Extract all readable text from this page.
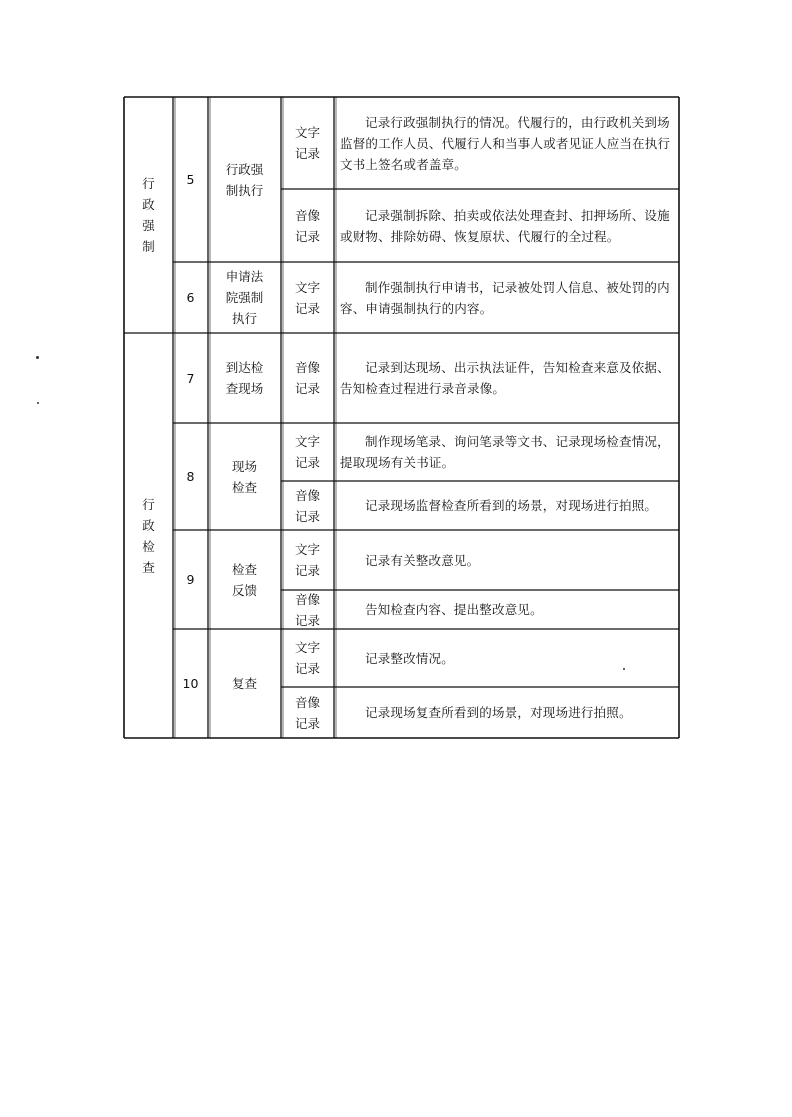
行
政
强
制
5
行政强
制执行
文字
记录
记录行政强制执行的情况。代履行的，由行政机关到场监督的工作人员、代履行人和当事人或者见证人应当在执行文书上签名或者盖章。
音像
记录
记录强制拆除、拍卖或依法处理查封、扣押场所、设施或财物、排除妨碍、恢复原状、代履行的全过程。
6
申请法
院强制
执行
文字
记录
制作强制执行申请书，记录被处罚人信息、被处罚的内容、申请强制执行的内容。
行
政
检
查
7
到达检
查现场
音像
记录
记录到达现场、出示执法证件，告知检查来意及依据、告知检查过程进行录音录像。
8
现场
检查
文字
记录
制作现场笔录、询问笔录等文书、记录现场检查情况，提取现场有关书证。
音像
记录
记录现场监督检查所看到的场景，对现场进行拍照。
9
检查
反馈
文字
记录
记录有关整改意见。
音像
记录
告知检查内容、提出整改意见。
10	复查
文字
记录
记录整改情况。
音像
记录
记录现场复查所看到的场景，对现场进行拍照。
